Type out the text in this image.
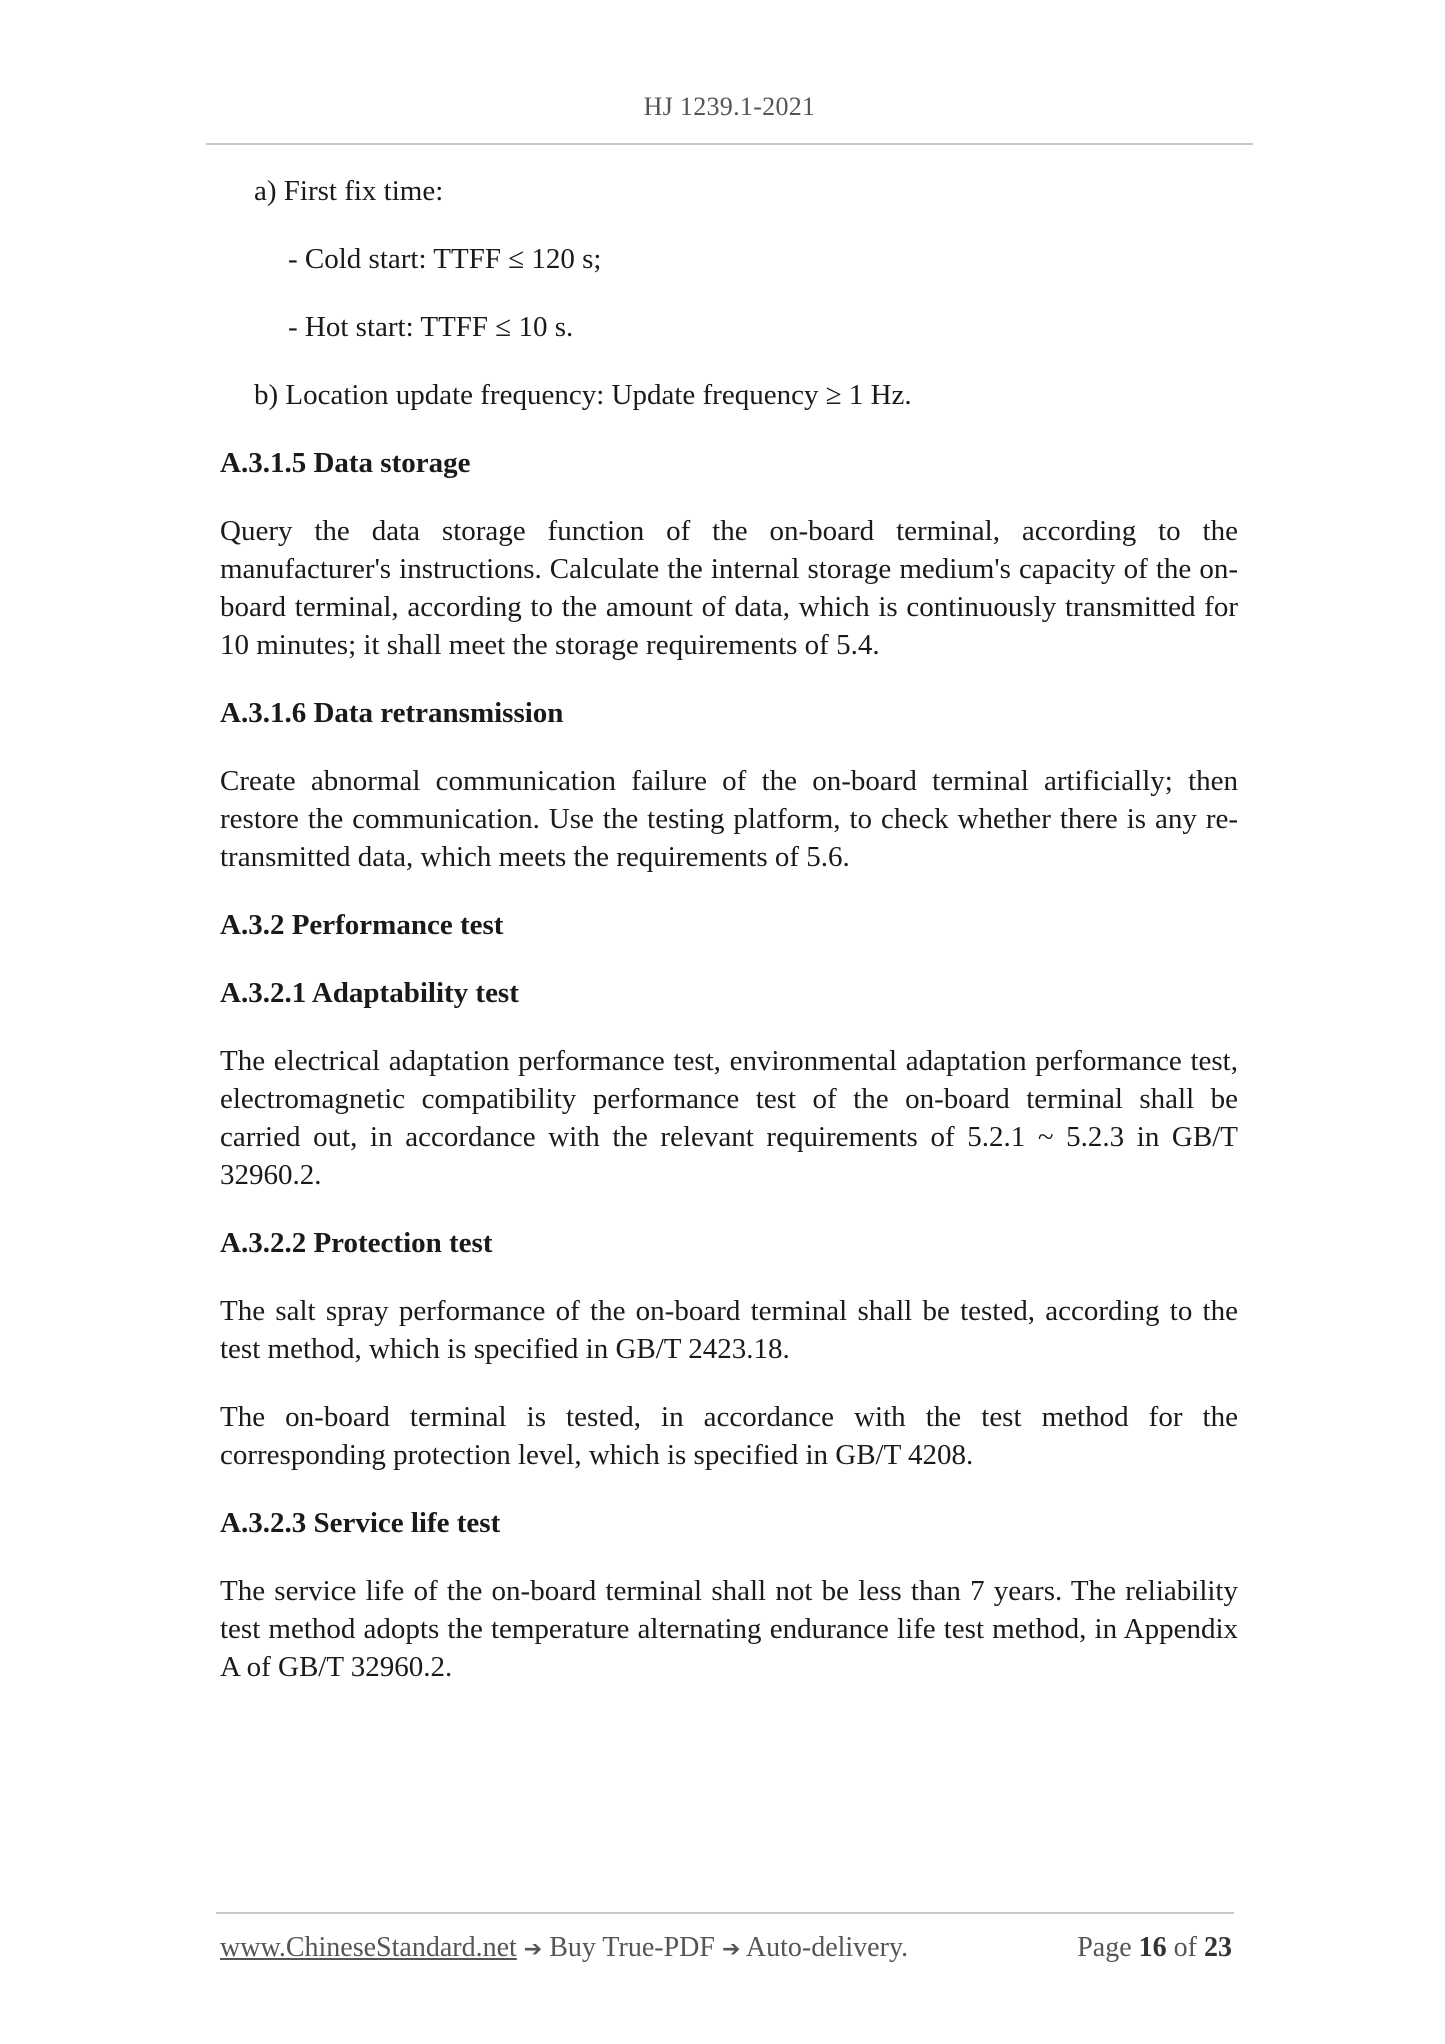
HJ 1239.1-2021

a) First fix time:

- Cold start: TTFF ≤ 120 s;

- Hot start: TTFF ≤ 10 s.

b) Location update frequency: Update frequency ≥ 1 Hz.

A.3.1.5 Data storage

Query the data storage function of the on-board terminal, according to the manufacturer's instructions. Calculate the internal storage medium's capacity of the on-board terminal, according to the amount of data, which is continuously transmitted for 10 minutes; it shall meet the storage requirements of 5.4.

A.3.1.6 Data retransmission

Create abnormal communication failure of the on-board terminal artificially; then restore the communication. Use the testing platform, to check whether there is any re-transmitted data, which meets the requirements of 5.6.

A.3.2 Performance test

A.3.2.1 Adaptability test

The electrical adaptation performance test, environmental adaptation performance test, electromagnetic compatibility performance test of the on-board terminal shall be carried out, in accordance with the relevant requirements of 5.2.1 ~ 5.2.3 in GB/T 32960.2.

A.3.2.2 Protection test

The salt spray performance of the on-board terminal shall be tested, according to the test method, which is specified in GB/T 2423.18.

The on-board terminal is tested, in accordance with the test method for the corresponding protection level, which is specified in GB/T 4208.

A.3.2.3 Service life test

The service life of the on-board terminal shall not be less than 7 years. The reliability test method adopts the temperature alternating endurance life test method, in Appendix A of GB/T 32960.2.

www.ChineseStandard.net ➔ Buy True-PDF ➔ Auto-delivery.	Page 16 of 23
